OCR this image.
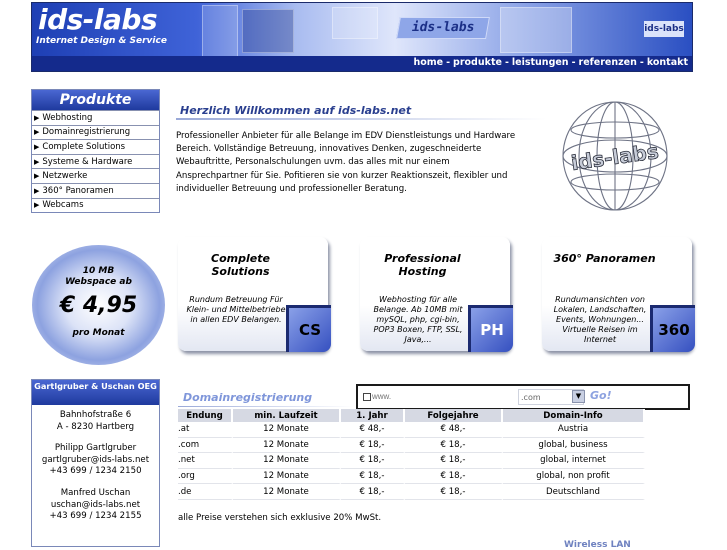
ids-labs	ids-labs
ids-labs
Internet Design & Service
home - produkte - leistungen - referenzen - kontakt
Produkte
▶ Webhosting
▶ Domainregistrierung
▶ Complete Solutions
▶ Systeme & Hardware
▶ Netzwerke
▶ 360° Panoramen
▶ Webcams
Herzlich Willkommen auf ids-labs.net
Professioneller Anbieter für alle Belange im EDV Dienstleistungs und Hardware Bereich. Vollständige Betreuung, innovatives Denken, zugeschneiderte Webauftritte, Personalschulungen uvm. das alles mit nur einem Ansprechpartner für Sie. Pofitieren sie von kurzer Reaktionszeit, flexibler und individueller Betreuung und professioneller Beratung.
ids-labs
10 MB
Webspace ab
€ 4,95
pro Monat
Complete Solutions
Rundum Betreuung Für Klein- und Mittelbetriebe in allen EDV Belangen.
CS
Professional Hosting
Webhosting für alle Belange. Ab 10MB mit mySQL, php, cgi-bin, POP3 Boxen, FTP, SSL, Java,...
PH
360° Panoramen
Rundumansichten von Lokalen, Landschaften, Events, Wohnungen... Virtuelle Reisen im Internet
360
Gartlgruber & Uschan OEG
Bahnhofstraße 6
A - 8230 Hartberg
Philipp Gartlgruber
gartlgruber@ids-labs.net
+43 699 / 1234 2150
Manfred Uschan
uschan@ids-labs.net
+43 699 / 1234 2155
Domainregistrierung
www.	.com	▼ Go!
Endung	min. Laufzeit	1. Jahr	Folgejahre	Domain-Info
.at	12 Monate	€ 48,-	€ 48,-	Austria
.com	12 Monate	€ 18,-	€ 18,-	global, business
.net	12 Monate	€ 18,-	€ 18,-	global, internet
.org	12 Monate	€ 18,-	€ 18,-	global, non profit
.de	12 Monate	€ 18,-	€ 18,-	Deutschland
alle Preise verstehen sich exklusive 20% MwSt.
Wireless LAN
